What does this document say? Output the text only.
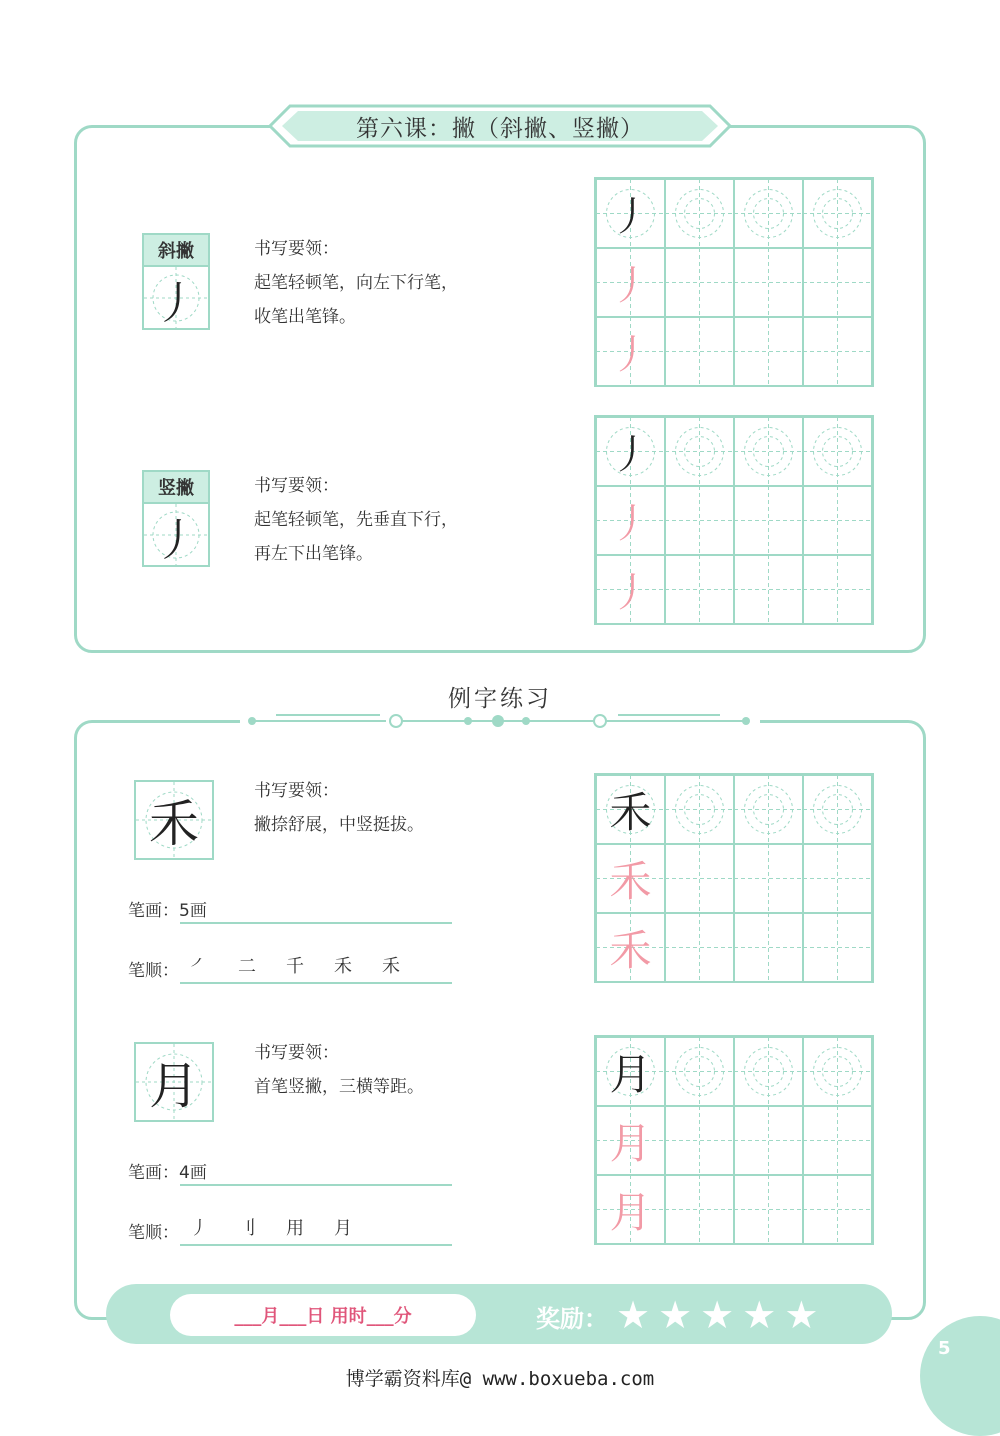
第六课：撇（斜撇、竖撇）
斜撇
丿
书写要领：
起笔轻顿笔，向左下行笔，
收笔出笔锋。
竖撇
丿
书写要领：
起笔轻顿笔，先垂直下行，
再左下出笔锋。
丿
丿
丿
丿
丿
丿
例字练习
禾
书写要领：
撇捺舒展，中竖挺拔。
笔画：5画
笔顺： ㇒ 二 千 禾 禾
月
书写要领：
首笔竖撇，三横等距。
笔画：4画
笔顺： 丿 刂 用 月
禾
禾
禾
月
月
月
___月___日 用时___分	奖励： ★ ★ ★ ★ ★
5
博学霸资料库@ www.boxueba.com
